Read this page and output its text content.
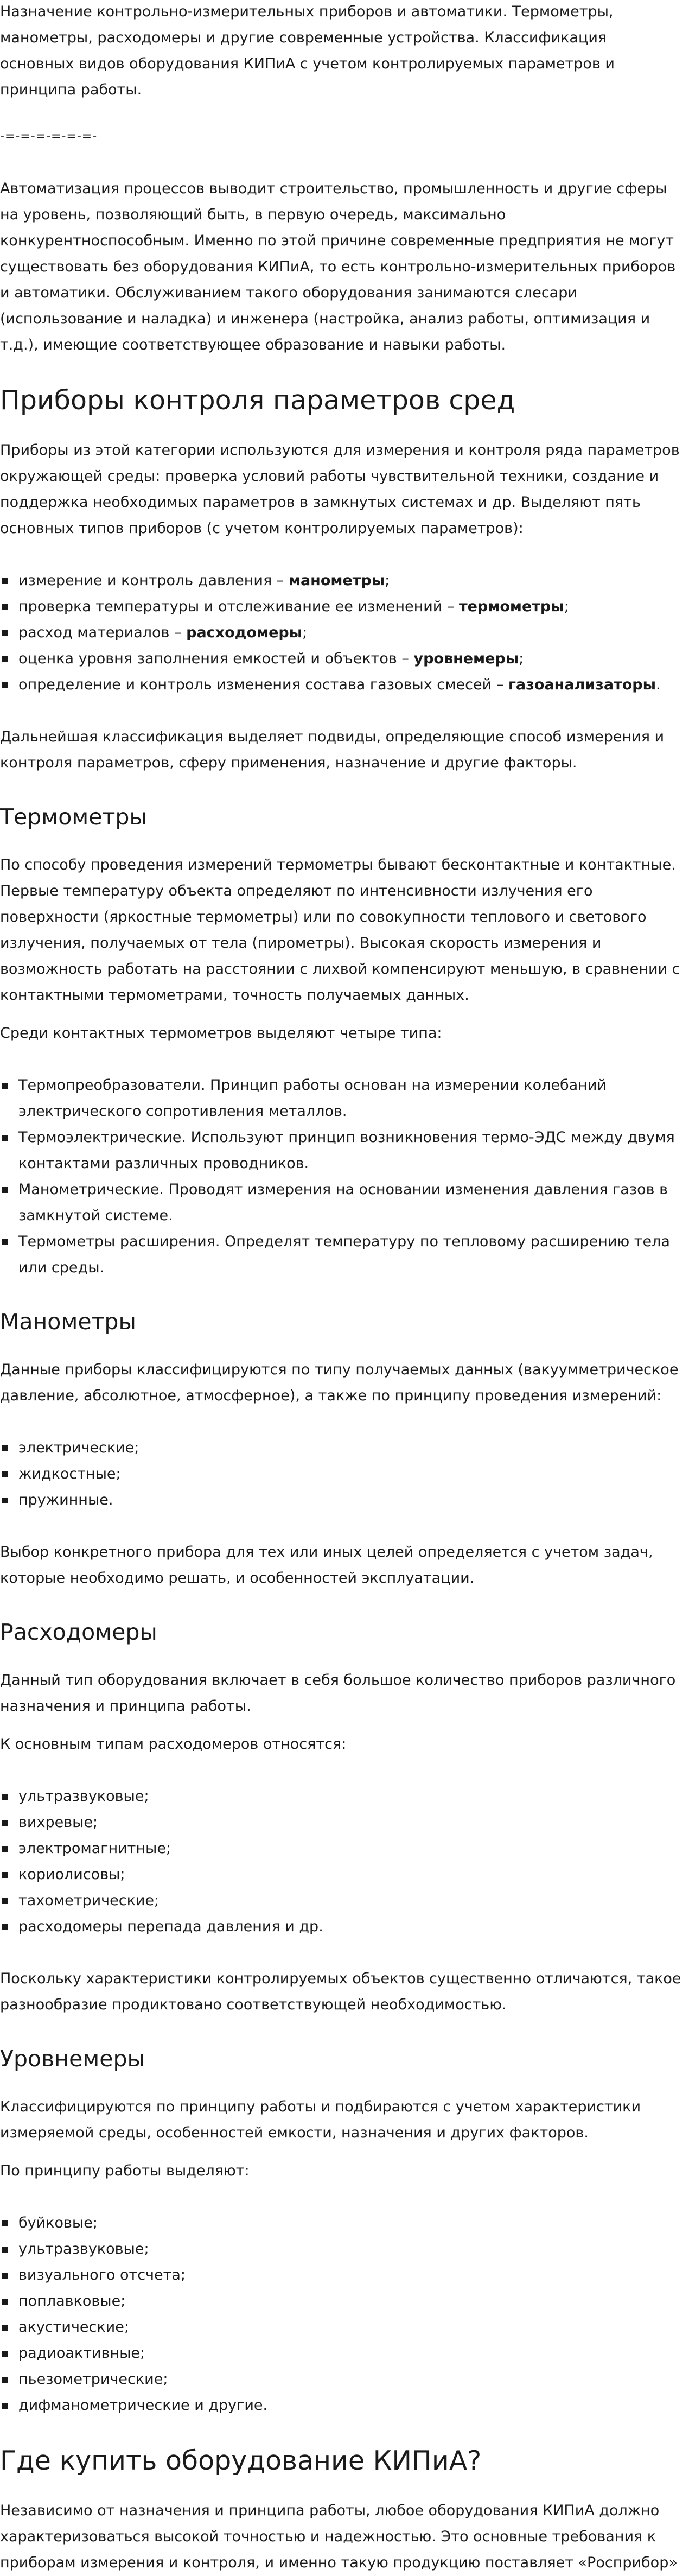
Назначение контрольно-измерительных приборов и автоматики. Термометры, манометры, расходомеры и другие современные устройства. Классификация основных видов оборудования КИПиА с учетом контролируемых параметров и принципа работы.

-=-=-=-=-=-=-

Автоматизация процессов выводит строительство, промышленность и другие сферы на уровень, позволяющий быть, в первую очередь, максимально конкурентноспособным. Именно по этой причине современные предприятия не могут существовать без оборудования КИПиА, то есть контрольно-измерительных приборов и автоматики. Обслуживанием такого оборудования занимаются слесари (использование и наладка) и инженера (настройка, анализ работы, оптимизация и т.д.), имеющие соответствующее образование и навыки работы.

Приборы контроля параметров сред

Приборы из этой категории используются для измерения и контроля ряда параметров окружающей среды: проверка условий работы чувствительной техники, создание и поддержка необходимых параметров в замкнутых системах и др. Выделяют пять основных типов приборов (с учетом контролируемых параметров):

измерение и контроль давления – манометры;
проверка температуры и отслеживание ее изменений – термометры;
расход материалов – расходомеры;
оценка уровня заполнения емкостей и объектов – уровнемеры;
определение и контроль изменения состава газовых смесей – газоанализаторы.

Дальнейшая классификация выделяет подвиды, определяющие способ измерения и контроля параметров, сферу применения, назначение и другие факторы.

Термометры

По способу проведения измерений термометры бывают бесконтактные и контактные. Первые температуру объекта определяют по интенсивности излучения его поверхности (яркостные термометры) или по совокупности теплового и светового излучения, получаемых от тела (пирометры). Высокая скорость измерения и возможность работать на расстоянии с лихвой компенсируют меньшую, в сравнении с контактными термометрами, точность получаемых данных.

Среди контактных термометров выделяют четыре типа:

Термопреобразователи. Принцип работы основан на измерении колебаний электрического сопротивления металлов.
Термоэлектрические. Используют принцип возникновения термо-ЭДС между двумя контактами различных проводников.
Манометрические. Проводят измерения на основании изменения давления газов в замкнутой системе.
Термометры расширения. Определят температуру по тепловому расширению тела или среды.
Манометры

Данные приборы классифицируются по типу получаемых данных (вакуумметрическое давление, абсолютное, атмосферное), а также по принципу проведения измерений:

электрические;
жидкостные;
пружинные.

Выбор конкретного прибора для тех или иных целей определяется с учетом задач, которые необходимо решать, и особенностей эксплуатации.

Расходомеры

Данный тип оборудования включает в себя большое количество приборов различного назначения и принципа работы.

К основным типам расходомеров относятся:

ультразвуковые;
вихревые;
электромагнитные;
кориолисовы;
тахометрические;
расходомеры перепада давления и др.

Поскольку характеристики контролируемых объектов существенно отличаются, такое разнообразие продиктовано соответствующей необходимостью.

Уровнемеры

Классифицируются по принципу работы и подбираются с учетом характеристики измеряемой среды, особенностей емкости, назначения и других факторов.

По принципу работы выделяют:

буйковые;
ультразвуковые;
визуального отсчета;
поплавковые;
акустические;
радиоактивные;
пьезометрические;
дифманометрические и другие.
Где купить оборудование КИПиА?

Независимо от назначения и принципа работы, любое оборудования КИПиА должно характеризоваться высокой точностью и надежностью. Это основные требования к приборам измерения и контроля, и именно такую продукцию поставляет «Росприбор»
